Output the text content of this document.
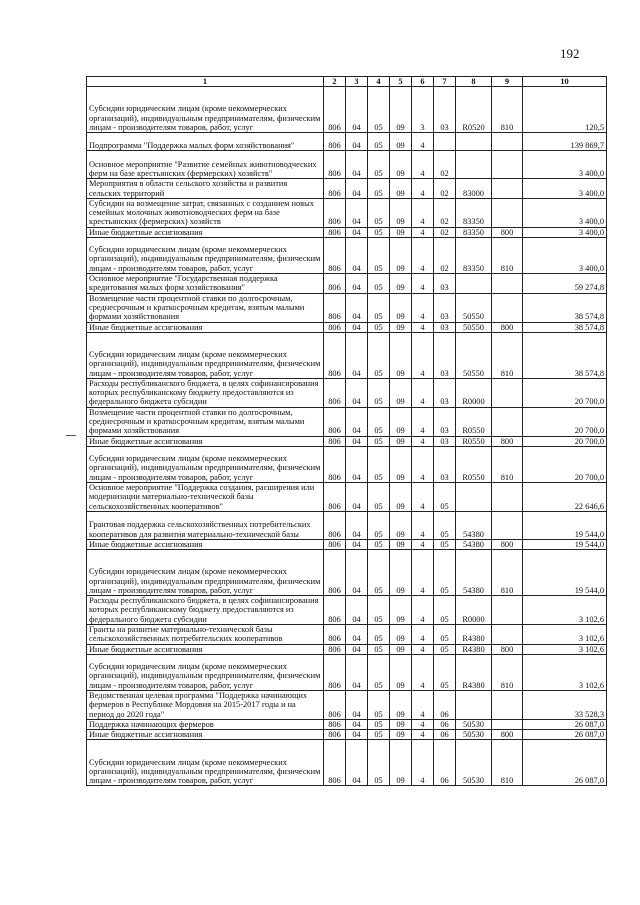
192
1	2	3	4	5	6	7	8	9	10
Субсидии юридическим лицам (кроме некоммерческих организаций), индивидуальным предпринимателям, физическим лицам - производителям товаров, работ, услуг	806	04	05	09	3	03	R0520	810	120,5
Подпрограмма "Поддержка малых форм хозяйствования"	806	04	05	09	4				139 869,7
Основное мероприятие "Развитие семейных животноводческих ферм на базе крестьянских (фермерских) хозяйств"	806	04	05	09	4	02			3 400,0
Мероприятия в области сельского хозяйства и развития сельских территорий	806	04	05	09	4	02	83000		3 400,0
Субсидии на возмещение затрат, связанных с созданием новых семейных молочных животноводческих ферм на базе крестьянских (фермерских) хозяйств	806	04	05	09	4	02	83350		3 400,0
Иные бюджетные ассигнования	806	04	05	09	4	02	83350	800	3 400,0
Субсидии юридическим лицам (кроме некоммерческих организаций), индивидуальным предпринимателям, физическим лицам - производителям товаров, работ, услуг	806	04	05	09	4	02	83350	810	3 400,0
Основное мероприятие "Государственная поддержка кредитования малых форм хозяйствования"	806	04	05	09	4	03			59 274,8
Возмещение части процентной ставки по долгосрочным, среднесрочным и краткосрочным кредитам, взятым малыми формами хозяйствования	806	04	05	09	4	03	50550		38 574,8
Иные бюджетные ассигнования	806	04	05	09	4	03	50550	800	38 574,8
Субсидии юридическим лицам (кроме некоммерческих организаций), индивидуальным предпринимателям, физическим лицам - производителям товаров, работ, услуг	806	04	05	09	4	03	50550	810	38 574,8
Расходы республиканского бюджета, в целях софинансирования которых республиканскому бюджету предоставляются из федерального бюджета субсидии	806	04	05	09	4	03	R0000		20 700,0
Возмещение части процентной ставки по долгосрочным, среднесрочным и краткосрочным кредитам, взятым малыми формами хозяйствования	806	04	05	09	4	03	R0550		20 700,0
Иные бюджетные ассигнования	806	04	05	09	4	03	R0550	800	20 700,0
Субсидии юридическим лицам (кроме некоммерческих организаций), индивидуальным предпринимателям, физическим лицам - производителям товаров, работ, услуг	806	04	05	09	4	03	R0550	810	20 700,0
Основное мероприятие "Поддержка создания, расширения или модернизации материально-технической базы сельскохозяйственных кооперативов"	806	04	05	09	4	05			22 646,6
Грантовая поддержка сельскохозяйственных потребительских кооперативов для развития материально-технической базы	806	04	05	09	4	05	54380		19 544,0
Иные бюджетные ассигнования	806	04	05	09	4	05	54380	800	19 544,0
Субсидии юридическим лицам (кроме некоммерческих организаций), индивидуальным предпринимателям, физическим лицам - производителям товаров, работ, услуг	806	04	05	09	4	05	54380	810	19 544,0
Расходы республиканского бюджета, в целях софинансирования которых республиканскому бюджету предоставляются из федерального бюджета субсидии	806	04	05	09	4	05	R0000		3 102,6
Гранты на развитие материально-технической базы сельскохозяйственных потребительских кооперативов	806	04	05	09	4	05	R4380		3 102,6
Иные бюджетные ассигнования	806	04	05	09	4	05	R4380	800	3 102,6
Субсидии юридическим лицам (кроме некоммерческих организаций), индивидуальным предпринимателям, физическим лицам - производителям товаров, работ, услуг	806	04	05	09	4	05	R4380	810	3 102,6
Ведомственная целевая программа "Поддержка начинающих фермеров в Республике Мордовия на 2015-2017 годы и на период до 2020 года"	806	04	05	09	4	06			33 528,3
Поддержка начинающих фермеров	806	04	05	09	4	06	50530		26 087,0
Иные бюджетные ассигнования	806	04	05	09	4	06	50530	800	26 087,0
Субсидии юридическим лицам (кроме некоммерческих организаций), индивидуальным предпринимателям, физическим лицам - производителям товаров, работ, услуг	806	04	05	09	4	06	50530	810	26 087,0
